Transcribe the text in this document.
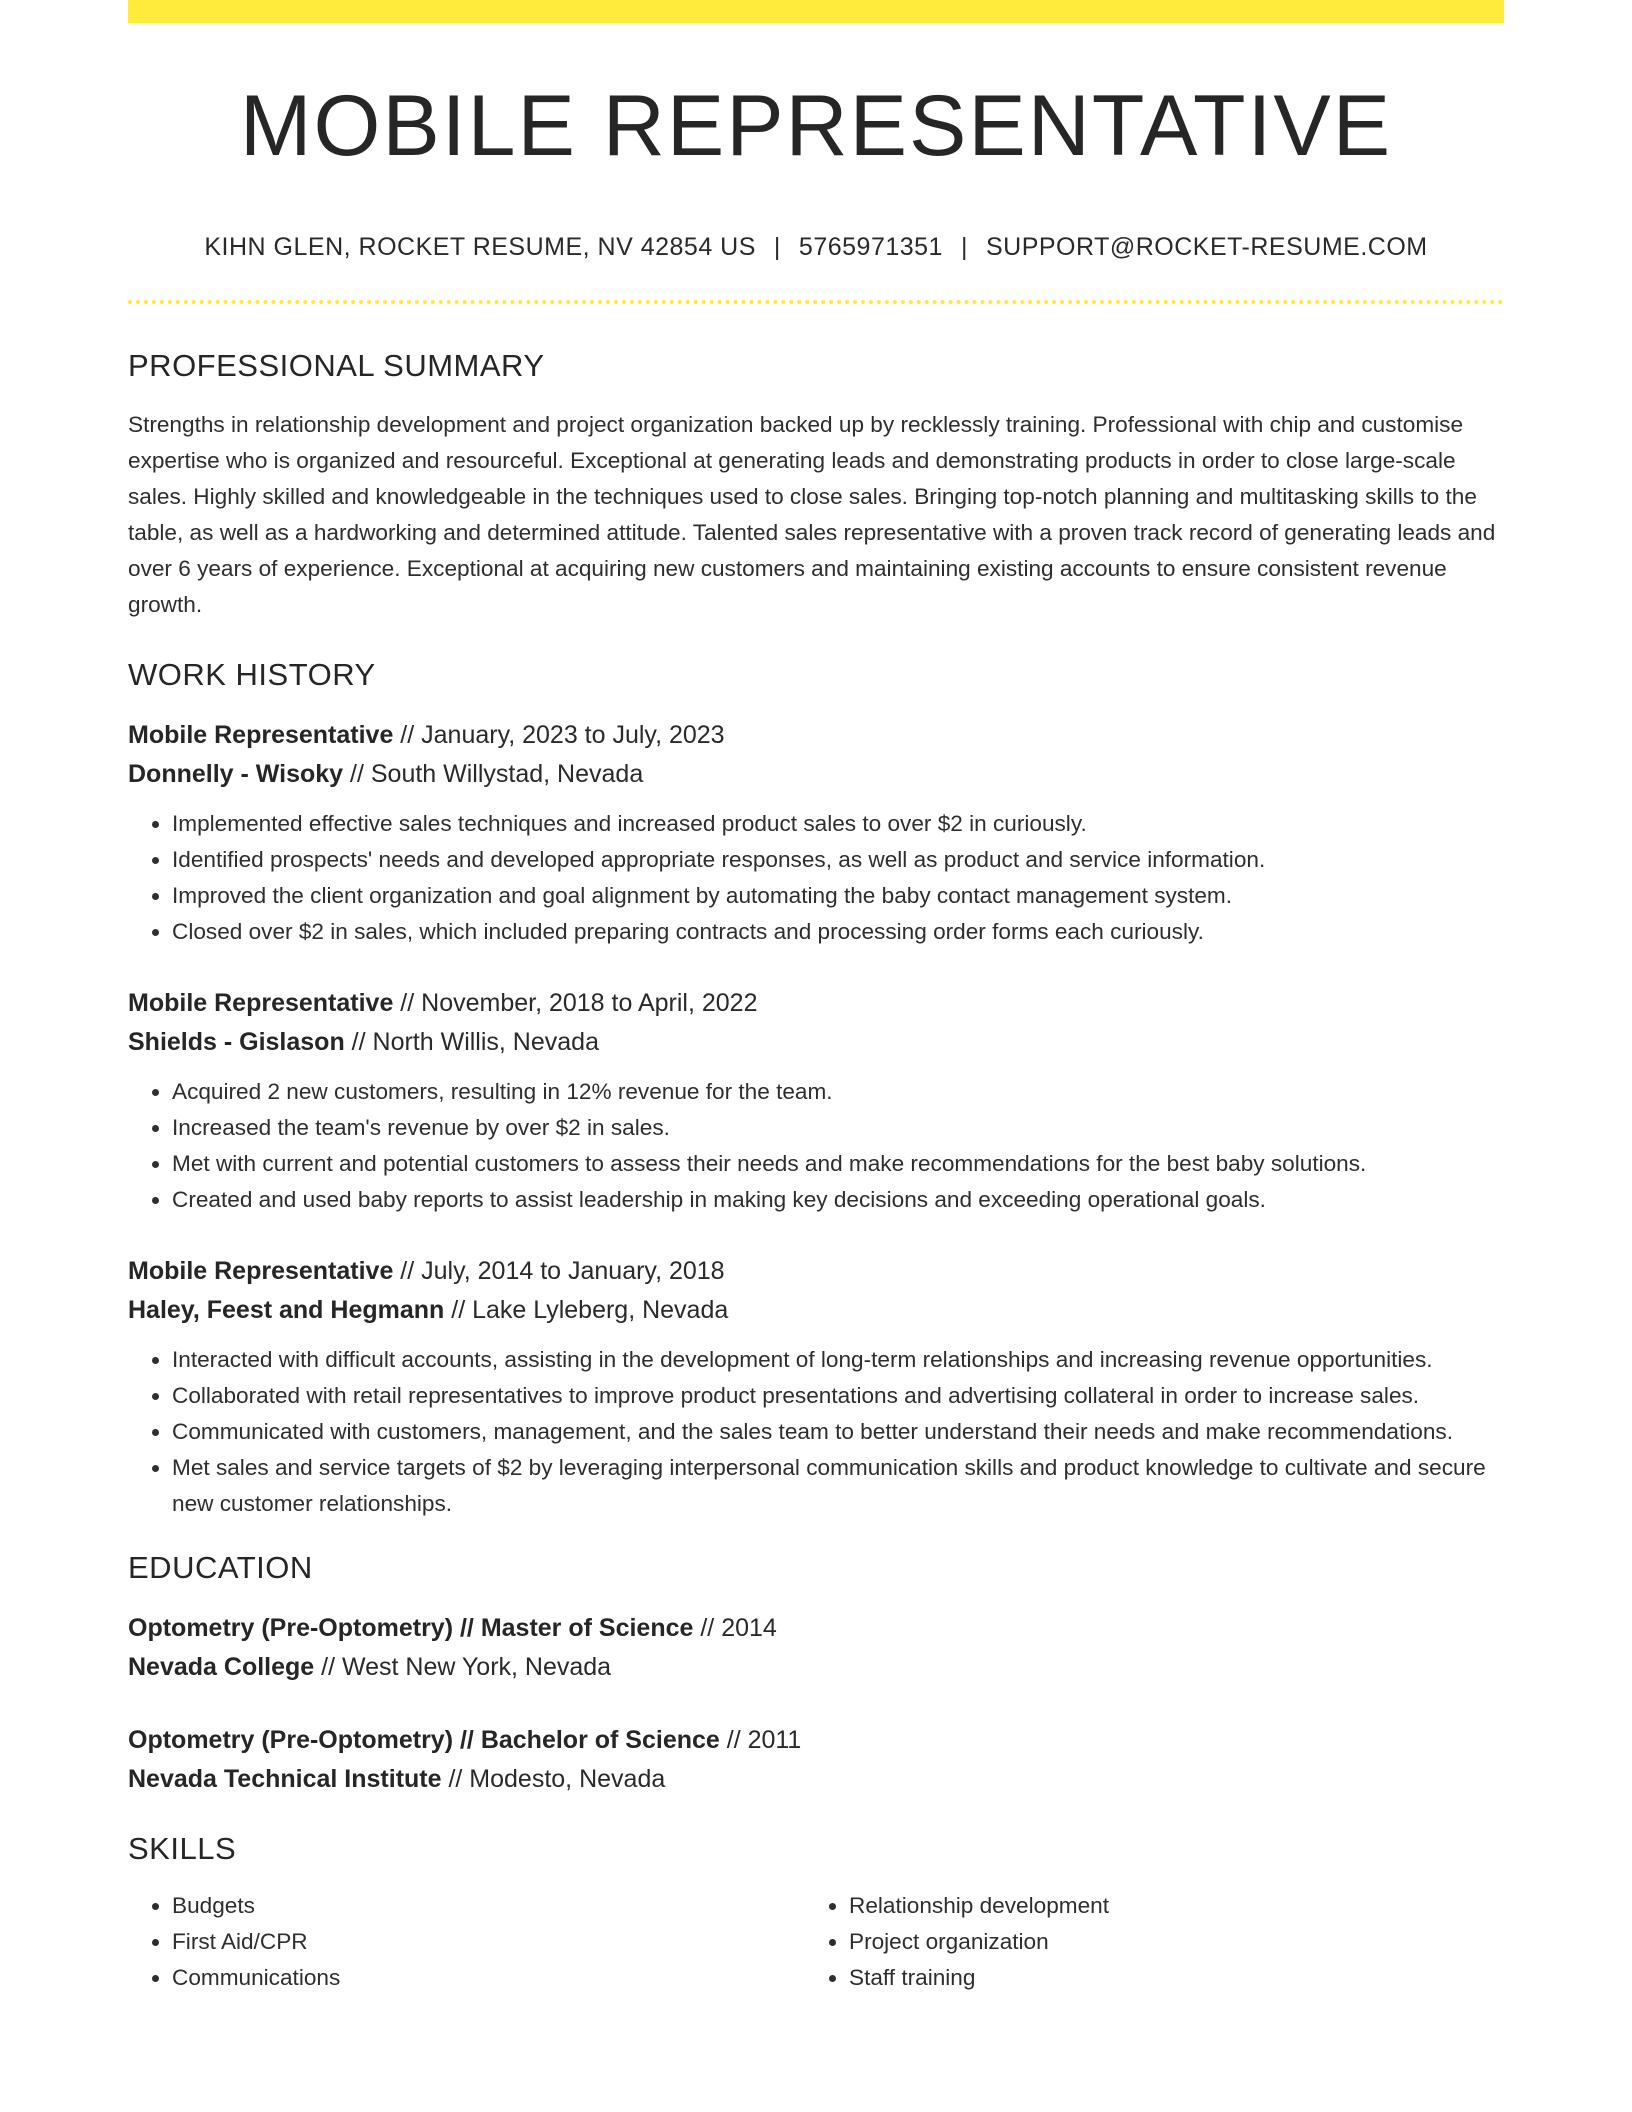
MOBILE REPRESENTATIVE
KIHN GLEN, ROCKET RESUME, NV 42854 US | 5765971351 | SUPPORT@ROCKET-RESUME.COM
PROFESSIONAL SUMMARY

Strengths in relationship development and project organization backed up by recklessly training. Professional with chip and customise expertise who is organized and resourceful. Exceptional at generating leads and demonstrating products in order to close large-scale sales. Highly skilled and knowledgeable in the techniques used to close sales. Bringing top-notch planning and multitasking skills to the table, as well as a hardworking and determined attitude. Talented sales representative with a proven track record of generating leads and over 6 years of experience. Exceptional at acquiring new customers and maintaining existing accounts to ensure consistent revenue growth.

WORK HISTORY
Mobile Representative // January, 2023 to July, 2023
Donnelly - Wisoky // South Willystad, Nevada
• Implemented effective sales techniques and increased product sales to over $2 in curiously.
• Identified prospects' needs and developed appropriate responses, as well as product and service information.
• Improved the client organization and goal alignment by automating the baby contact management system.
• Closed over $2 in sales, which included preparing contracts and processing order forms each curiously.
Mobile Representative // November, 2018 to April, 2022
Shields - Gislason // North Willis, Nevada
• Acquired 2 new customers, resulting in 12% revenue for the team.
• Increased the team's revenue by over $2 in sales.
• Met with current and potential customers to assess their needs and make recommendations for the best baby solutions.
• Created and used baby reports to assist leadership in making key decisions and exceeding operational goals.
Mobile Representative // July, 2014 to January, 2018
Haley, Feest and Hegmann // Lake Lyleberg, Nevada
• Interacted with difficult accounts, assisting in the development of long-term relationships and increasing revenue opportunities.
• Collaborated with retail representatives to improve product presentations and advertising collateral in order to increase sales.
• Communicated with customers, management, and the sales team to better understand their needs and make recommendations.
• Met sales and service targets of $2 by leveraging interpersonal communication skills and product knowledge to cultivate and secure new customer relationships.
EDUCATION
Optometry (Pre-Optometry) // Master of Science // 2014
Nevada College // West New York, Nevada
Optometry (Pre-Optometry) // Bachelor of Science // 2011
Nevada Technical Institute // Modesto, Nevada
SKILLS
• Budgets
• First Aid/CPR
• Communications
• Relationship development
• Project organization
• Staff training
